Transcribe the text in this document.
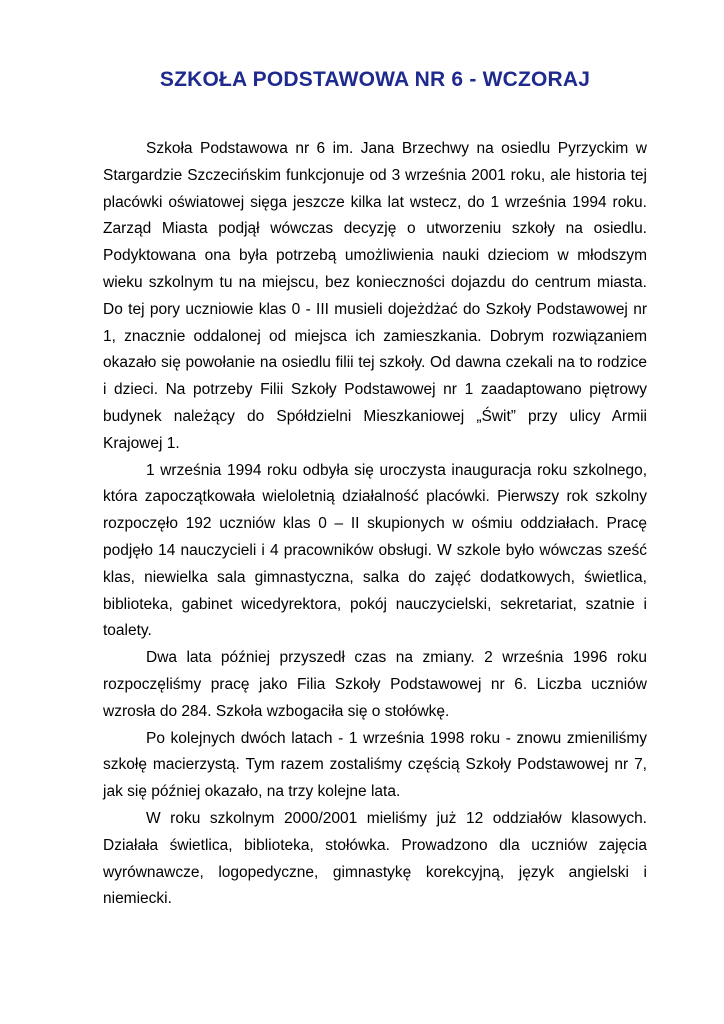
SZKOŁA PODSTAWOWA NR 6 - WCZORAJ

Szkoła Podstawowa nr 6 im. Jana Brzechwy na osiedlu Pyrzyckim w Stargardzie Szczecińskim funkcjonuje od 3 września 2001 roku, ale historia tej placówki oświatowej sięga jeszcze kilka lat wstecz, do 1 września 1994 roku. Zarząd Miasta podjął wówczas decyzję o utworzeniu szkoły na osiedlu. Podyktowana ona była potrzebą umożliwienia nauki dzieciom w młodszym wieku szkolnym tu na miejscu, bez konieczności dojazdu do centrum miasta. Do tej pory uczniowie klas 0 - III musieli dojeżdżać do Szkoły Podstawowej nr 1, znacznie oddalonej od miejsca ich zamieszkania. Dobrym rozwiązaniem okazało się powołanie na osiedlu filii tej szkoły. Od dawna czekali na to rodzice i dzieci. Na potrzeby Filii Szkoły Podstawowej nr 1 zaadaptowano piętrowy budynek należący do Spółdzielni Mieszkaniowej „Świt” przy ulicy Armii Krajowej 1.

1 września 1994 roku odbyła się uroczysta inauguracja roku szkolnego, która zapoczątkowała wieloletnią działalność placówki. Pierwszy rok szkolny rozpoczęło 192 uczniów klas 0 – II skupionych w ośmiu oddziałach. Pracę podjęło 14 nauczycieli i 4 pracowników obsługi. W szkole było wówczas sześć klas, niewielka sala gimnastyczna, salka do zajęć dodatkowych, świetlica, biblioteka, gabinet wicedyrektora, pokój nauczycielski, sekretariat, szatnie i toalety.

Dwa lata później przyszedł czas na zmiany. 2 września 1996 roku rozpoczęliśmy pracę jako Filia Szkoły Podstawowej nr 6. Liczba uczniów wzrosła do 284. Szkoła wzbogaciła się o stołówkę.

Po kolejnych dwóch latach - 1 września 1998 roku - znowu zmieniliśmy szkołę macierzystą. Tym razem zostaliśmy częścią Szkoły Podstawowej nr 7, jak się później okazało, na trzy kolejne lata.

W roku szkolnym 2000/2001 mieliśmy już 12 oddziałów klasowych. Działała świetlica, biblioteka, stołówka. Prowadzono dla uczniów zajęcia wyrównawcze, logopedyczne, gimnastykę korekcyjną, język angielski i niemiecki.
